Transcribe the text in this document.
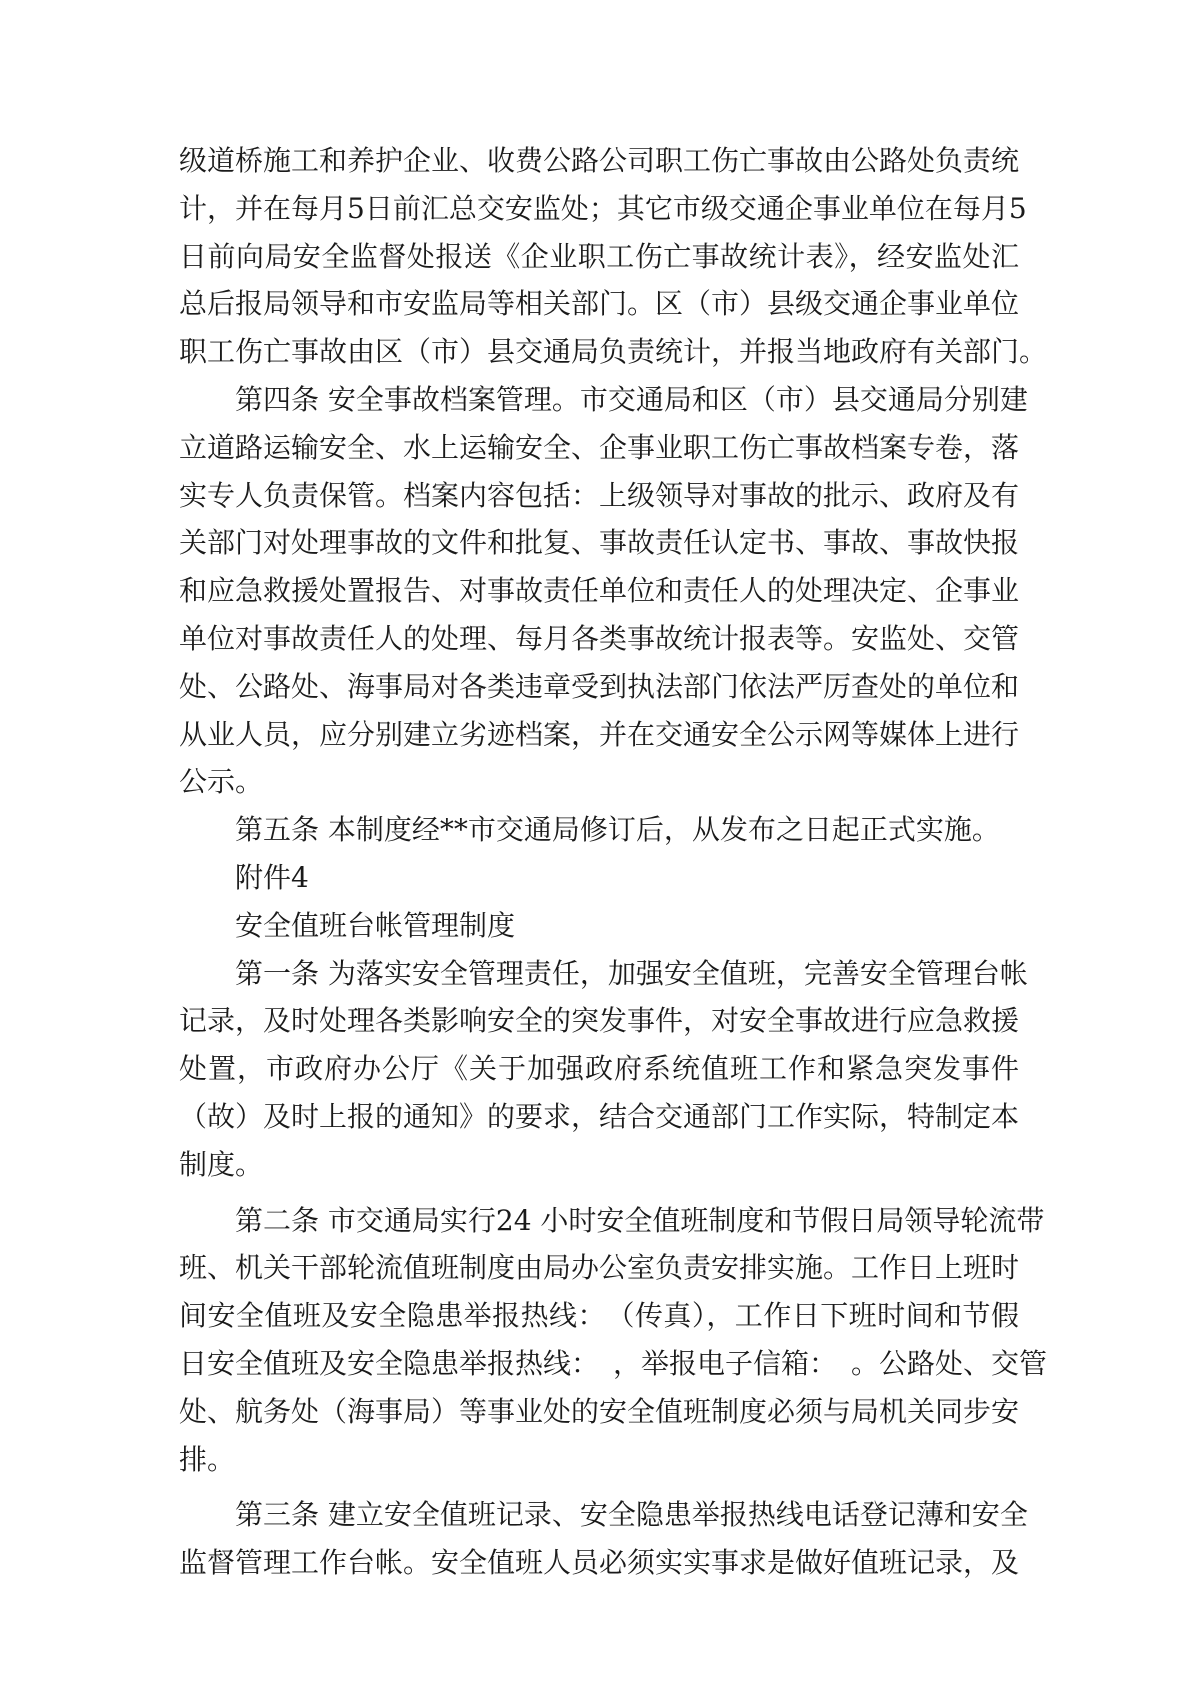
级道桥施工和养护企业、收费公路公司职工伤亡事故由公路处负责统
计，并在每月5日前汇总交安监处；其它市级交通企事业单位在每月5
日前向局安全监督处报送《企业职工伤亡事故统计表》，经安监处汇
总后报局领导和市安监局等相关部门。区（市）县级交通企事业单位
职工伤亡事故由区（市）县交通局负责统计，并报当地政府有关部门。
第四条 安全事故档案管理。市交通局和区（市）县交通局分别建
立道路运输安全、水上运输安全、企事业职工伤亡事故档案专卷，落
实专人负责保管。档案内容包括：上级领导对事故的批示、政府及有
关部门对处理事故的文件和批复、事故责任认定书、事故、事故快报
和应急救援处置报告、对事故责任单位和责任人的处理决定、企事业
单位对事故责任人的处理、每月各类事故统计报表等。安监处、交管
处、公路处、海事局对各类违章受到执法部门依法严厉查处的单位和
从业人员，应分别建立劣迹档案，并在交通安全公示网等媒体上进行
公示。
第五条 本制度经**市交通局修订后，从发布之日起正式实施。
附件4
安全值班台帐管理制度
第一条 为落实安全管理责任，加强安全值班，完善安全管理台帐
记录，及时处理各类影响安全的突发事件，对安全事故进行应急救援
处置，市政府办公厅《关于加强政府系统值班工作和紧急突发事件
（故）及时上报的通知》的要求，结合交通部门工作实际，特制定本
制度。
第二条 市交通局实行24 小时安全值班制度和节假日局领导轮流带
班、机关干部轮流值班制度由局办公室负责安排实施。工作日上班时
间安全值班及安全隐患举报热线：　（传真），工作日下班时间和节假
日安全值班及安全隐患举报热线：　，举报电子信箱：　。公路处、交管
处、航务处（海事局）等事业处的安全值班制度必须与局机关同步安
排。
第三条 建立安全值班记录、安全隐患举报热线电话登记薄和安全
监督管理工作台帐。安全值班人员必须实实事求是做好值班记录，及
